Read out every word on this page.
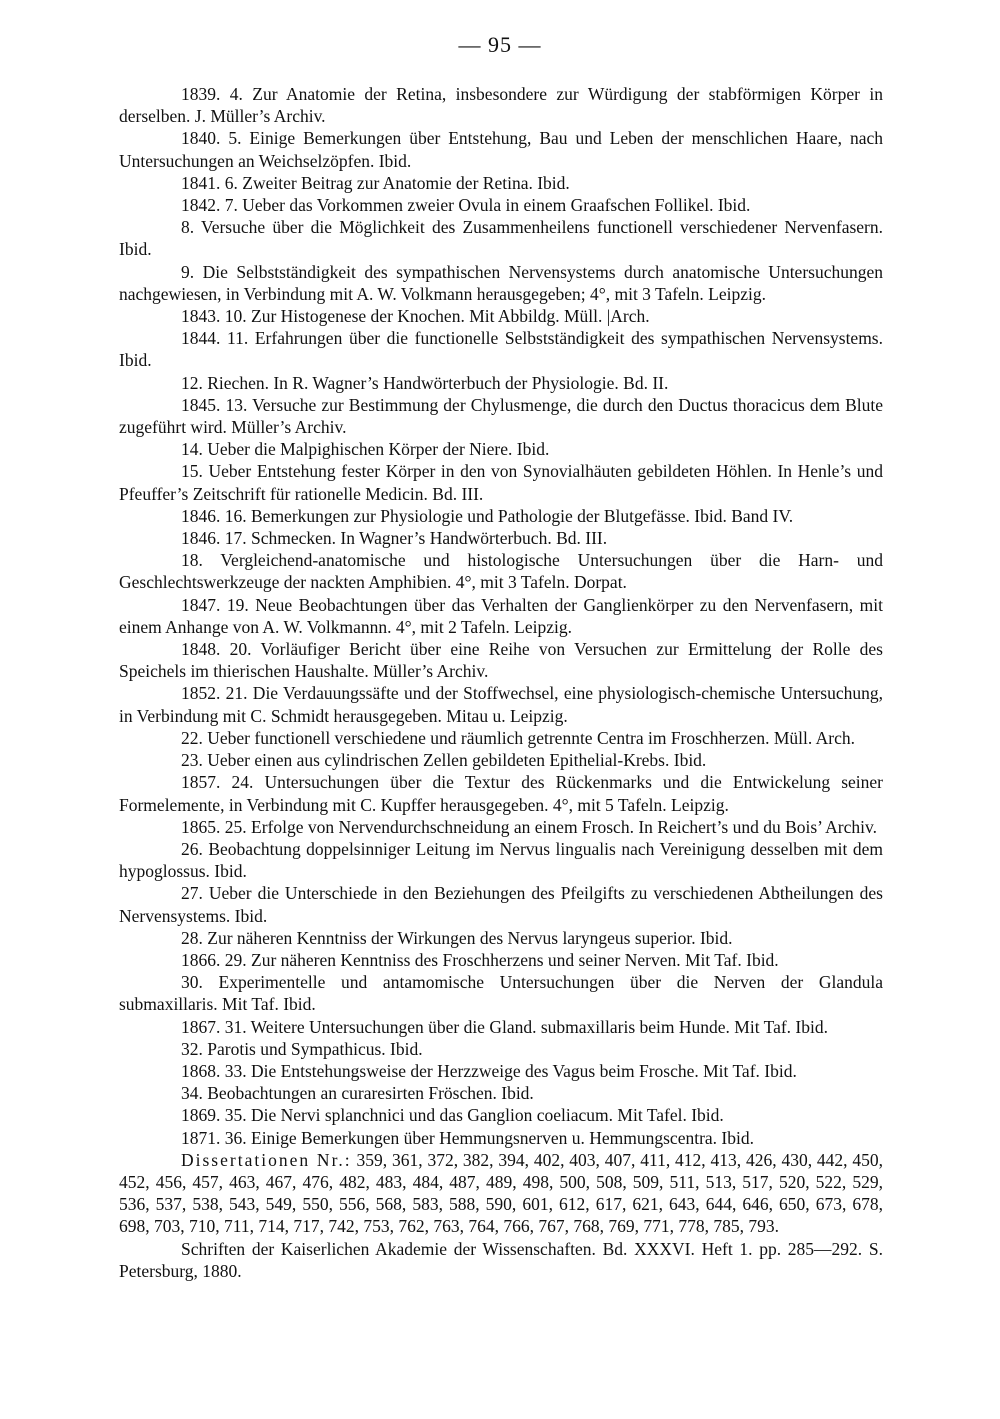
— 95 —

1839. 4. Zur Anatomie der Retina, insbesondere zur Würdigung der stabförmigen Körper in derselben. J. Müller’s Archiv.

1840. 5. Einige Bemerkungen über Entstehung, Bau und Leben der menschlichen Haare, nach Untersuchungen an Weichselzöpfen. Ibid.

1841. 6. Zweiter Beitrag zur Anatomie der Retina. Ibid.

1842. 7. Ueber das Vorkommen zweier Ovula in einem Graafschen Follikel. Ibid.

8. Versuche über die Möglichkeit des Zusammenheilens functionell verschiedener Nervenfasern. Ibid.

9. Die Selbstständigkeit des sympathischen Nervensystems durch anatomische Untersuchungen nachgewiesen, in Verbindung mit A. W. Volkmann herausgegeben; 4°, mit 3 Tafeln. Leipzig.

1843. 10. Zur Histogenese der Knochen. Mit Abbildg. Müll. |Arch.

1844. 11. Erfahrungen über die functionelle Selbstständigkeit des sympathischen Nervensystems. Ibid.

12. Riechen. In R. Wagner’s Handwörterbuch der Physiologie. Bd. II.

1845. 13. Versuche zur Bestimmung der Chylusmenge, die durch den Ductus thoracicus dem Blute zugeführt wird. Müller’s Archiv.

14. Ueber die Malpighischen Körper der Niere. Ibid.

15. Ueber Entstehung fester Körper in den von Synovialhäuten gebildeten Höhlen. In Henle’s und Pfeuffer’s Zeitschrift für rationelle Medicin. Bd. III.

1846. 16. Bemerkungen zur Physiologie und Pathologie der Blutgefässe. Ibid. Band IV.

1846. 17. Schmecken. In Wagner’s Handwörterbuch. Bd. III.

18. Vergleichend-anatomische und histologische Untersuchungen über die Harn- und Geschlechtswerkzeuge der nackten Amphibien. 4°, mit 3 Tafeln. Dorpat.

1847. 19. Neue Beobachtungen über das Verhalten der Ganglienkörper zu den Nervenfasern, mit einem Anhange von A. W. Volkmannn. 4°, mit 2 Tafeln. Leipzig.

1848. 20. Vorläufiger Bericht über eine Reihe von Versuchen zur Ermittelung der Rolle des Speichels im thierischen Haushalte. Müller’s Archiv.

1852. 21. Die Verdauungssäfte und der Stoffwechsel, eine physiologisch-chemische Untersuchung, in Verbindung mit C. Schmidt herausgegeben. Mitau u. Leipzig.

22. Ueber functionell verschiedene und räumlich getrennte Centra im Froschherzen. Müll. Arch.

23. Ueber einen aus cylindrischen Zellen gebildeten Epithelial-Krebs. Ibid.

1857. 24. Untersuchungen über die Textur des Rückenmarks und die Entwickelung seiner Formelemente, in Verbindung mit C. Kupffer herausgegeben. 4°, mit 5 Tafeln. Leipzig.

1865. 25. Erfolge von Nervendurchschneidung an einem Frosch. In Reichert’s und du Bois’ Archiv.

26. Beobachtung doppelsinniger Leitung im Nervus lingualis nach Vereinigung desselben mit dem hypoglossus. Ibid.

27. Ueber die Unterschiede in den Beziehungen des Pfeilgifts zu verschiedenen Abtheilungen des Nervensystems. Ibid.

28. Zur näheren Kenntniss der Wirkungen des Nervus laryngeus superior. Ibid.

1866. 29. Zur näheren Kenntniss des Froschherzens und seiner Nerven. Mit Taf. Ibid.

30. Experimentelle und antamomische Untersuchungen über die Nerven der Glandula submaxillaris. Mit Taf. Ibid.

1867. 31. Weitere Untersuchungen über die Gland. submaxillaris beim Hunde. Mit Taf. Ibid.

32. Parotis und Sympathicus. Ibid.

1868. 33. Die Entstehungsweise der Herzzweige des Vagus beim Frosche. Mit Taf. Ibid.

34. Beobachtungen an curaresirten Fröschen. Ibid.

1869. 35. Die Nervi splanchnici und das Ganglion coeliacum. Mit Tafel. Ibid.

1871. 36. Einige Bemerkungen über Hemmungsnerven u. Hemmungscentra. Ibid.

Dissertationen Nr.: 359, 361, 372, 382, 394, 402, 403, 407, 411, 412, 413, 426, 430, 442, 450, 452, 456, 457, 463, 467, 476, 482, 483, 484, 487, 489, 498, 500, 508, 509, 511, 513, 517, 520, 522, 529, 536, 537, 538, 543, 549, 550, 556, 568, 583, 588, 590, 601, 612, 617, 621, 643, 644, 646, 650, 673, 678, 698, 703, 710, 711, 714, 717, 742, 753, 762, 763, 764, 766, 767, 768, 769, 771, 778, 785, 793.

Schriften der Kaiserlichen Akademie der Wissenschaften. Bd. XXXVI. Heft 1. pp. 285—292. S. Petersburg, 1880.
